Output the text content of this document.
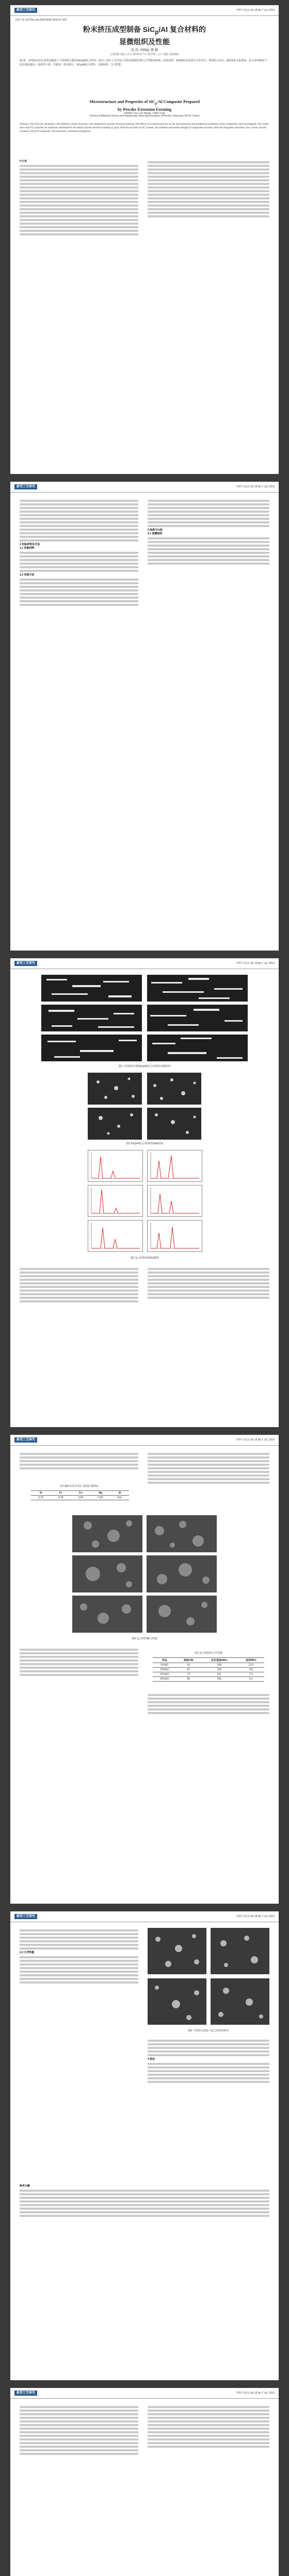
新型工艺研究	材料与冶金 Vol.18 No.7 Jul. 2019
DOI: 10.13373/j.cnki.0568-8090.2019.07.001
粉末挤压成型制备 SiC$_p$/Al 复合材料的
显微组织及性能
张 涛, 刘洪丽, 陈 颖
(沈阳航空航天大学 材料科学与工程学院, 辽宁 沈阳 110136)
摘 要：采用粉末挤压成型法制备了不同体积分数的SiCp/Al复合材料，研究了挤压工艺对复合材料显微组织和力学性能的影响。结果表明：SiC颗粒在基体中分布均匀，界面结合良好；随着SiC含量增加，复合材料硬度与抗拉强度提高，延伸率下降。关键词：粉末挤压；SiCp/Al复合材料；显微组织；力学性能
Microstructure and Properties of SiC$_p$/Al Composite Prepared
by Powder Extrusion Forming
ZHANG Tao, LIU Hongli, CHEN Ying
(School of Materials Science and Engineering, Shenyang Aerospace University, Shenyang 110136, China)
Abstract: The SiCp/Al composites with different volume fractions were prepared by powder extrusion forming. The effects of extrusion process on the microstructure and mechanical properties of the composites were investigated. The results show that SiC particles are uniformly distributed in the matrix and the interface bonding is good. With the increase of SiC content, the hardness and tensile strength of composites increase while the elongation decreases. Key words: powder extrusion; SiCp/Al composite; microstructure; mechanical properties
0 引言
新型工艺研究	材料与冶金 Vol.18 No.7 Jul. 2019
1 实验材料及方法
1.1 实验材料
1.2 实验方法
2 结果与分析
2.1 显微组织
新型工艺研究	材料与冶金 Vol.18 No.7 Jul. 2019
图1 不同体积分数SiCp/Al复合材料的显微组织
图2 SiCp/Al复合材料的SEM形貌
图3 复合材料的XRD图谱
新型工艺研究	材料与冶金 Vol.18 No.7 Jul. 2019
表1 Al粉末化学成分 (质量分数/%)
Si	Fe	Cu	Mg	Al
0.25	0.40	0.05	0.05	Bal.
图4 复合材料断口形貌
表2 复合材料的力学性能
样品	硬度/HB	抗拉强度/MPa	延伸率/%
5%SiC	52	168	12.5
10%SiC	61	195	9.8
15%SiC	73	221	7.2
20%SiC	85	246	5.1
新型工艺研究	材料与冶金 Vol.18 No.7 Jul. 2019
2.2 力学性能
图5 不同挤压温度下复合材料的组织
3 结论
参考文献
新型工艺研究	材料与冶金 Vol.18 No.7 Jul. 2019
